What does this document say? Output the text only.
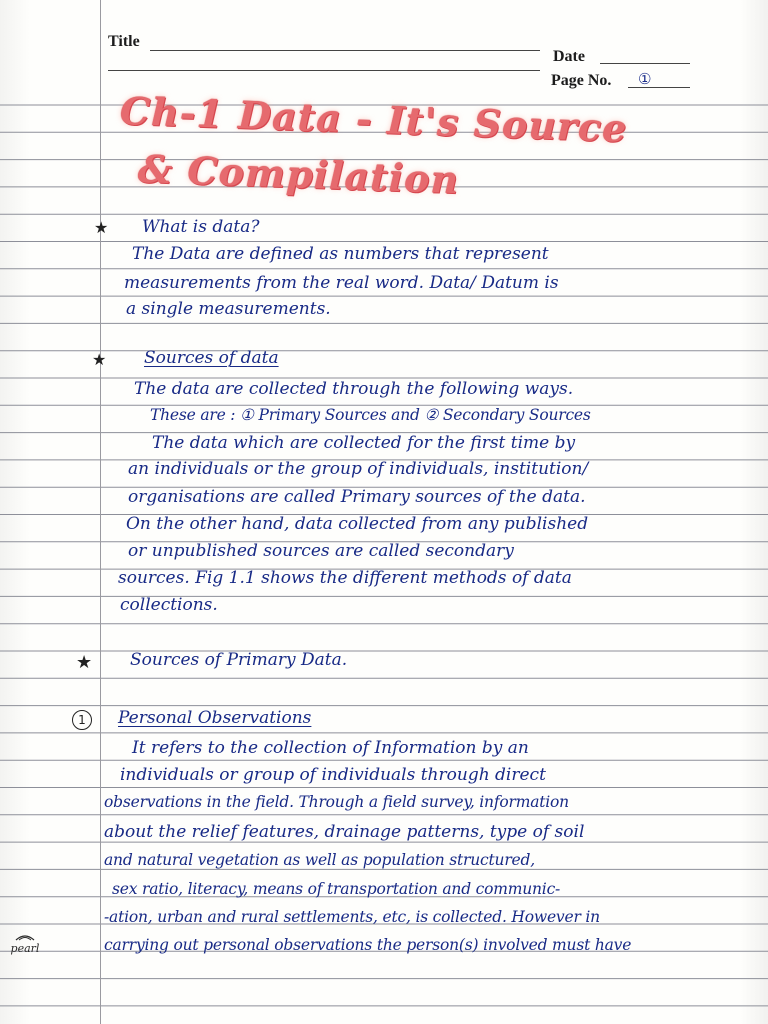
Title
Date
Page No. ①
Ch-1 Data - It's Source
& Compilation
★ What is data?
The Data are defined as numbers that represent
measurements from the real word. Data/ Datum is
a single measurements.
★ Sources of data
The data are collected through the following ways.
These are : ① Primary Sources and ② Secondary Sources
The data which are collected for the first time by
an individuals or the group of individuals, institution/
organisations are called Primary sources of the data.
On the other hand, data collected from any published
or unpublished sources are called secondary
sources. Fig 1.1 shows the different methods of data
collections.
★ Sources of Primary Data.
1	Personal Observations
It refers to the collection of Information by an
individuals or group of individuals through direct
observations in the field. Through a field survey, information
about the relief features, drainage patterns, type of soil
and natural vegetation as well as population structured,
sex ratio, literacy, means of transportation and communic-
-ation, urban and rural settlements, etc, is collected. However in
carrying out personal observations the person(s) involved must have
pearl
